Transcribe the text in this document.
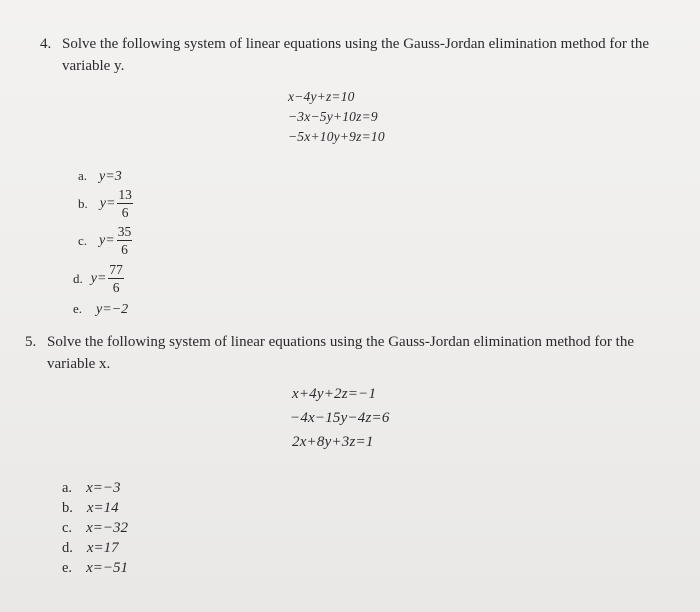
4. Solve the following system of linear equations using the Gauss-Jordan elimination method for the
variable y.
x−4y+z=10
−3x−5y+10z=9
−5x+10y+9z=10
a. y=3
b. $y= \frac{13}{6}$
c. $y= \frac{35}{6}$
d. $y= \frac{77}{6}$
e. y=−2
5. Solve the following system of linear equations using the Gauss-Jordan elimination method for the
variable x.
x+4y+2z=−1
−4x−15y−4z=6
2x+8y+3z=1
a. x=−3
b. x=14
c. x=−32
d. x=17
e. x=−51
